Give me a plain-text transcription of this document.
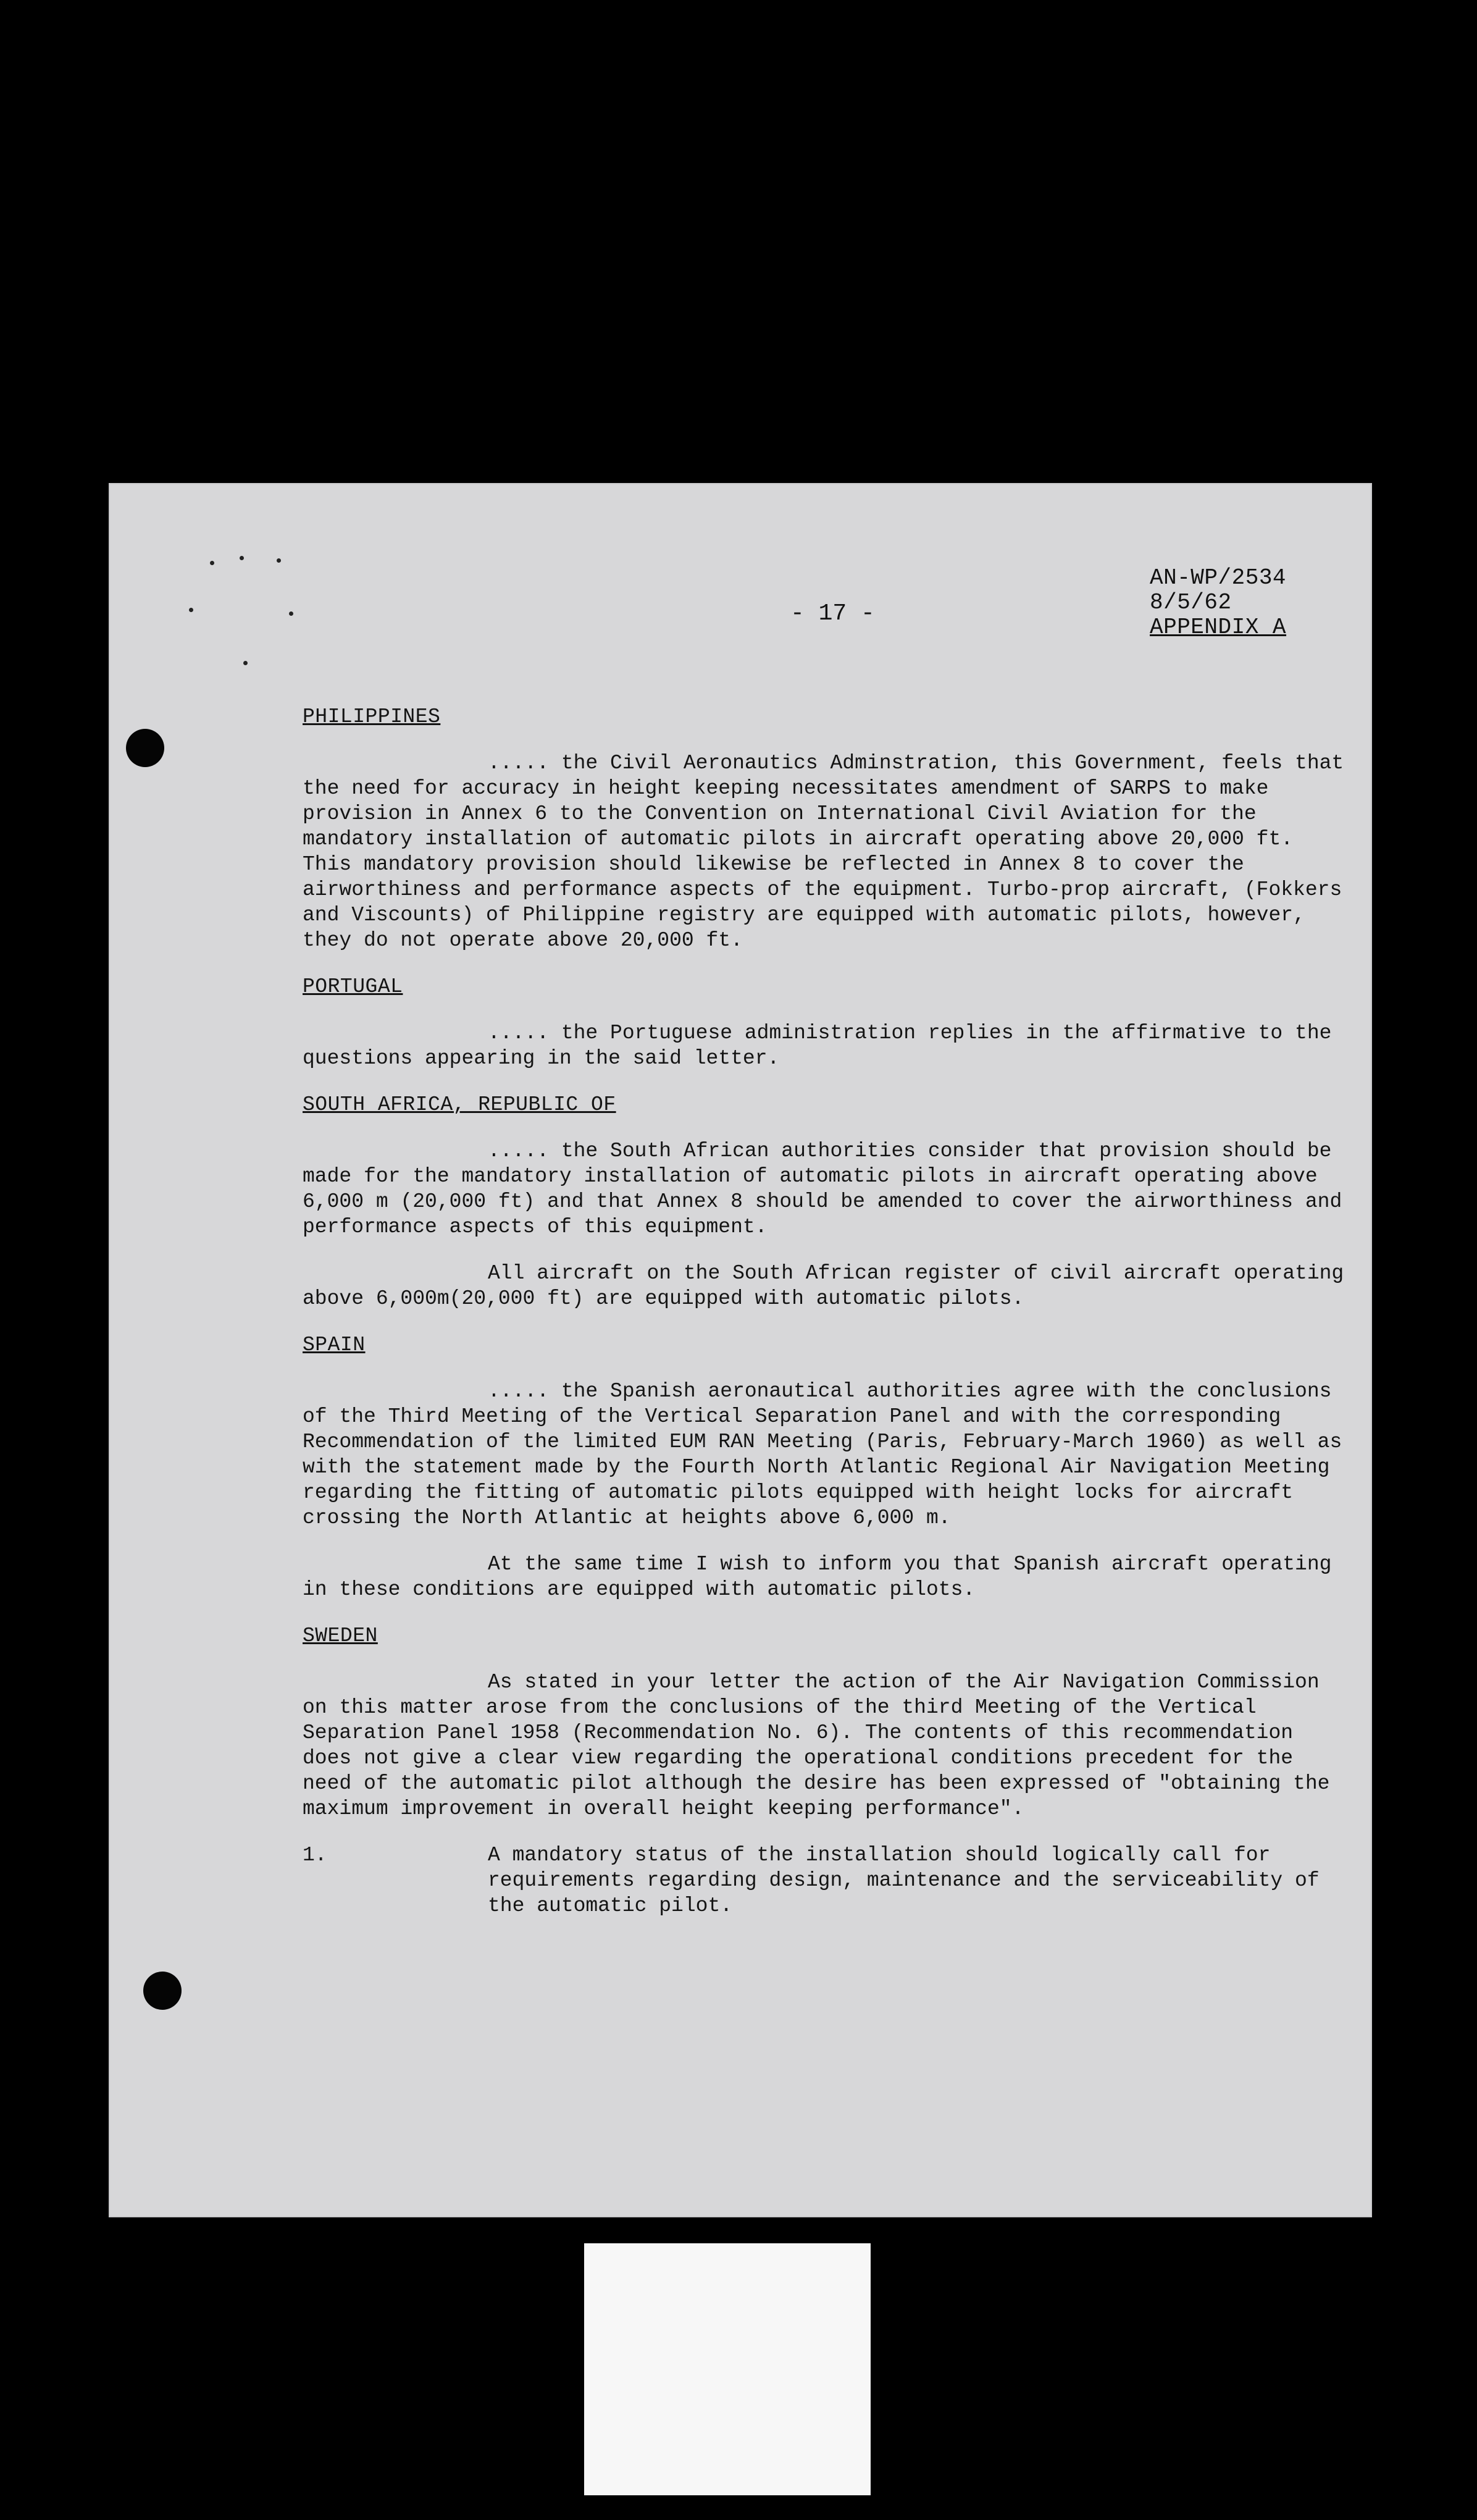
- 17 -
AN-WP/2534
8/5/62
APPENDIX A
PHILIPPINES
..... the Civil Aeronautics Adminstration, this Government, feels that the need for accuracy in height keeping necessitates amendment of SARPS to make provision in Annex 6 to the Convention on International Civil Aviation for the mandatory installation of automatic pilots in aircraft operating above 20,000 ft. This mandatory provision should likewise be reflected in Annex 8 to cover the airworthiness and performance aspects of the equipment. Turbo-prop aircraft, (Fokkers and Viscounts) of Philippine registry are equipped with automatic pilots, however, they do not operate above 20,000 ft.
PORTUGAL
..... the Portuguese administration replies in the affirmative to the questions appearing in the said letter.
SOUTH AFRICA, REPUBLIC OF
..... the South African authorities consider that provision should be made for the mandatory installation of automatic pilots in aircraft operating above 6,000 m (20,000 ft) and that Annex 8 should be amended to cover the airworthiness and performance aspects of this equipment.
All aircraft on the South African register of civil aircraft operating above 6,000m(20,000 ft) are equipped with automatic pilots.
SPAIN
..... the Spanish aeronautical authorities agree with the conclusions of the Third Meeting of the Vertical Separation Panel and with the corresponding Recommendation of the limited EUM RAN Meeting (Paris, February-March 1960) as well as with the statement made by the Fourth North Atlantic Regional Air Navigation Meeting regarding the fitting of automatic pilots equipped with height locks for aircraft crossing the North Atlantic at heights above 6,000 m.
At the same time I wish to inform you that Spanish aircraft operating in these conditions are equipped with automatic pilots.
SWEDEN
As stated in your letter the action of the Air Navigation Commission on this matter arose from the conclusions of the third Meeting of the Vertical Separation Panel 1958 (Recommendation No. 6). The contents of this recommendation does not give a clear view regarding the operational conditions precedent for the need of the automatic pilot although the desire has been expressed of "obtaining the maximum improvement in overall height keeping performance".
1.	A mandatory status of the installation should logically call for requirements regarding design, maintenance and the serviceability of the automatic pilot.
